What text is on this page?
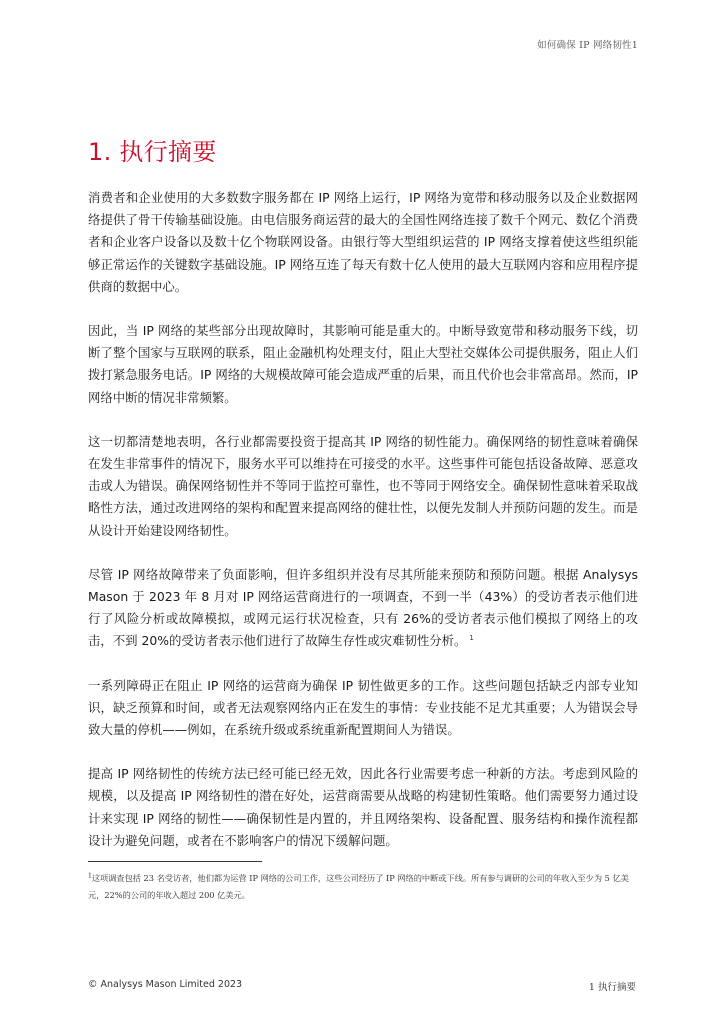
如何确保 IP 网络韧性1
1. 执行摘要

消费者和企业使用的大多数数字服务都在 IP 网络上运行，IP 网络为宽带和移动服务以及企业数据网络提供了骨干传输基础设施。由电信服务商运营的最大的全国性网络连接了数千个网元、数亿个消费者和企业客户设备以及数十亿个物联网设备。由银行等大型组织运营的 IP 网络支撑着使这些组织能够正常运作的关键数字基础设施。IP 网络互连了每天有数十亿人使用的最大互联网内容和应用程序提供商的数据中心。

因此，当 IP 网络的某些部分出现故障时，其影响可能是重大的。中断导致宽带和移动服务下线，切断了整个国家与互联网的联系，阻止金融机构处理支付，阻止大型社交媒体公司提供服务，阻止人们拨打紧急服务电话。IP 网络的大规模故障可能会造成严重的后果，而且代价也会非常高昂。然而，IP 网络中断的情况非常频繁。

这一切都清楚地表明，各行业都需要投资于提高其 IP 网络的韧性能力。确保网络的韧性意味着确保在发生非常事件的情况下，服务水平可以维持在可接受的水平。这些事件可能包括设备故障、恶意攻击或人为错误。确保网络韧性并不等同于监控可靠性，也不等同于网络安全。确保韧性意味着采取战略性方法，通过改进网络的架构和配置来提高网络的健壮性，以便先发制人并预防问题的发生。而是从设计开始建设网络韧性。

尽管 IP 网络故障带来了负面影响，但许多组织并没有尽其所能来预防和预防问题。根据 Analysys Mason 于 2023 年 8 月对 IP 网络运营商进行的一项调查，不到一半（43%）的受访者表示他们进行了风险分析或故障模拟，或网元运行状况检查，只有 26%的受访者表示他们模拟了网络上的攻击，不到 20%的受访者表示他们进行了故障生存性或灾难韧性分析。 $^1$

一系列障碍正在阻止 IP 网络的运营商为确保 IP 韧性做更多的工作。这些问题包括缺乏内部专业知识，缺乏预算和时间，或者无法观察网络内正在发生的事情：专业技能不足尤其重要；人为错误会导致大量的停机——例如，在系统升级或系统重新配置期间人为错误。

提高 IP 网络韧性的传统方法已经可能已经无效，因此各行业需要考虑一种新的方法。考虑到风险的规模，以及提高 IP 网络韧性的潜在好处，运营商需要从战略的构建韧性策略。他们需要努力通过设计来实现 IP 网络的韧性——确保韧性是内置的，并且网络架构、设备配置、服务结构和操作流程都设计为避免问题，或者在不影响客户的情况下缓解问题。

$^1$这项调查包括 23 名受访者，他们都为运营 IP 网络的公司工作，这些公司经历了 IP 网络的中断或下线。所有参与调研的公司的年收入至少为 5 亿美元，22%的公司的年收入超过 200 亿美元。
© Analysys Mason Limited 2023	1 执行摘要
